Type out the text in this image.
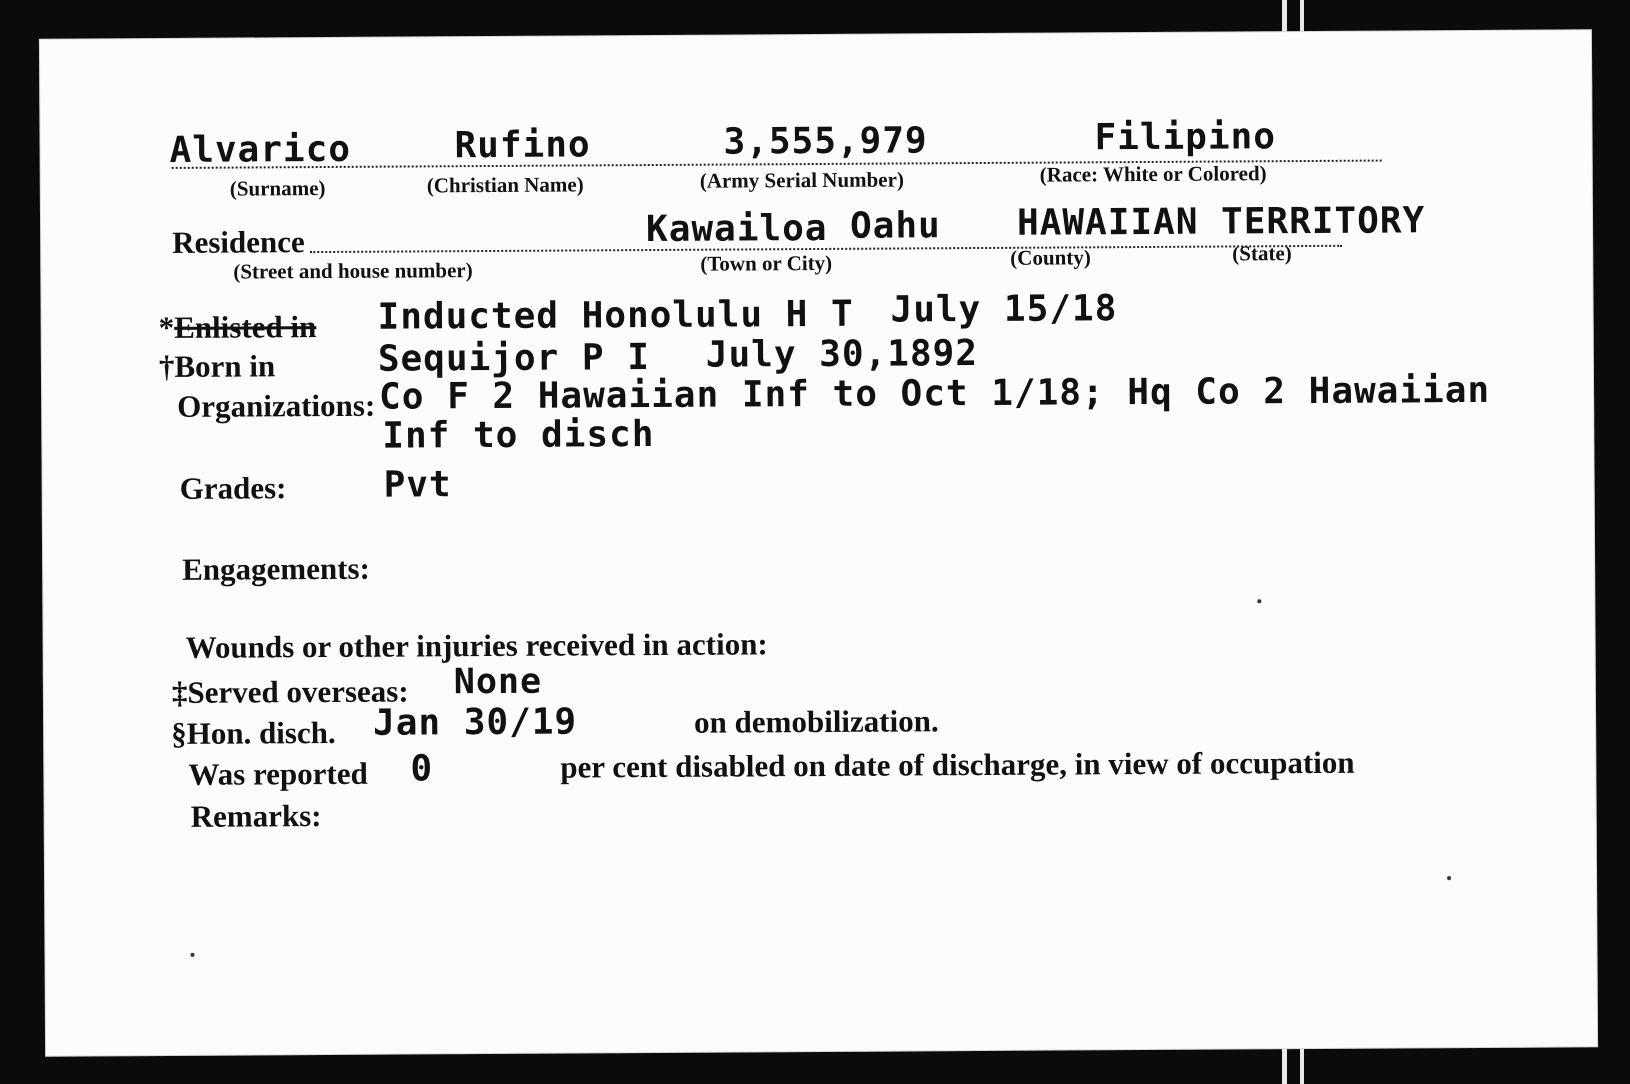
Alvarico	Rufino	3,555,979	Filipino
(Surname)	(Christian Name)	(Army Serial Number)	(Race: White or Colored)
Residence	Kawailoa Oahu HAWAIIAN TERRITORY
(Street and house number)	(Town or City)	(County)	(State)
*Enlisted in Inducted Honolulu H T July 15/18
†Born in	Sequijor P I July 30,1892
Organizations: Co F 2 Hawaiian Inf to Oct 1/18; Hq Co 2 Hawaiian
Inf to disch
Grades:	Pvt
Engagements:
Wounds or other injuries received in action:
‡Served overseas: None
§Hon. disch. Jan 30/19	on demobilization.
Was reported 0	per cent disabled on date of discharge, in view of occupation
Remarks:
